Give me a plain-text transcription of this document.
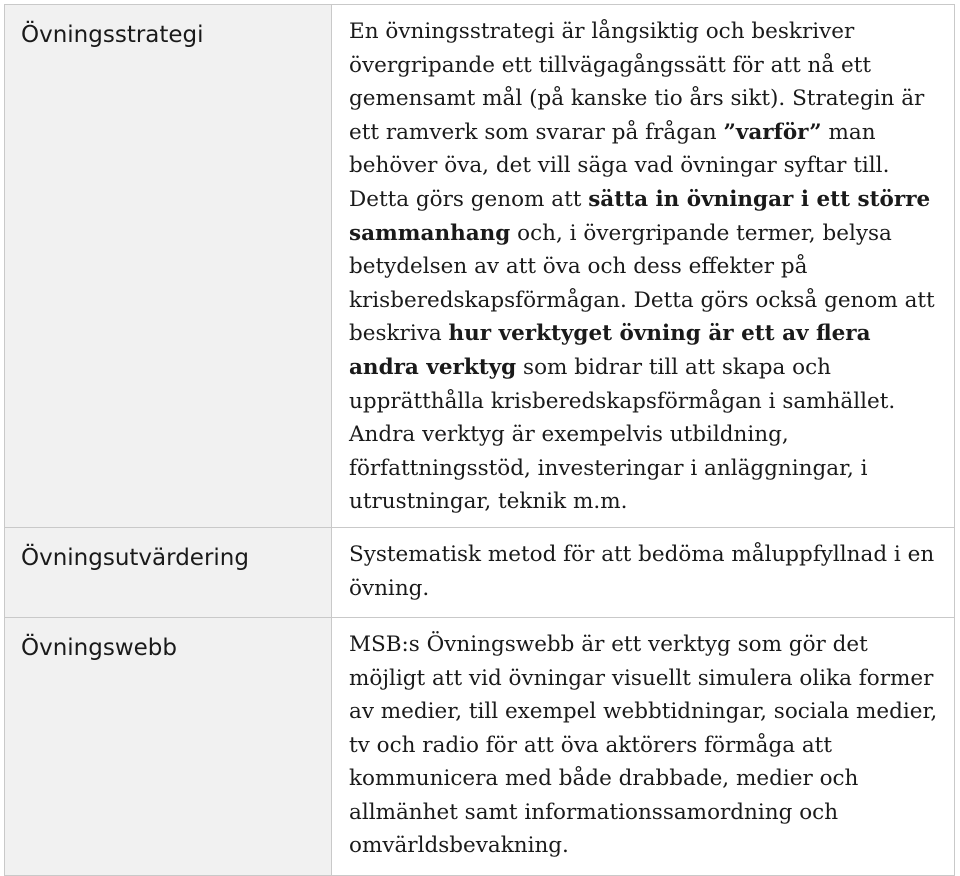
Övningsstrategi	En övningsstrategi är långsiktig och beskriver övergripande ett tillvägagångssätt för att nå ett gemensamt mål (på kanske tio års sikt). Strategin är ett ramverk som svarar på frågan ”varför” man behöver öva, det vill säga vad övningar syftar till. Detta görs genom att sätta in övningar i ett större sammanhang och, i övergripande termer, belysa betydelsen av att öva och dess effekter på krisberedskapsförmågan. Detta görs också genom att beskriva hur verktyget övning är ett av flera andra verktyg som bidrar till att skapa och upprätthålla krisberedskapsförmågan i samhället. Andra verktyg är exempelvis utbildning, författningsstöd, investeringar i anläggningar, i utrustningar, teknik m.m.

Övningsutvärdering	Systematisk metod för att bedöma måluppfyllnad i en övning.

Övningswebb	MSB:s Övningswebb är ett verktyg som gör det möjligt att vid övningar visuellt simulera olika former av medier, till exempel webbtidningar, sociala medier, tv och radio för att öva aktörers förmåga att kommunicera med både drabbade, medier och allmänhet samt informationssamordning och omvärldsbevakning.
